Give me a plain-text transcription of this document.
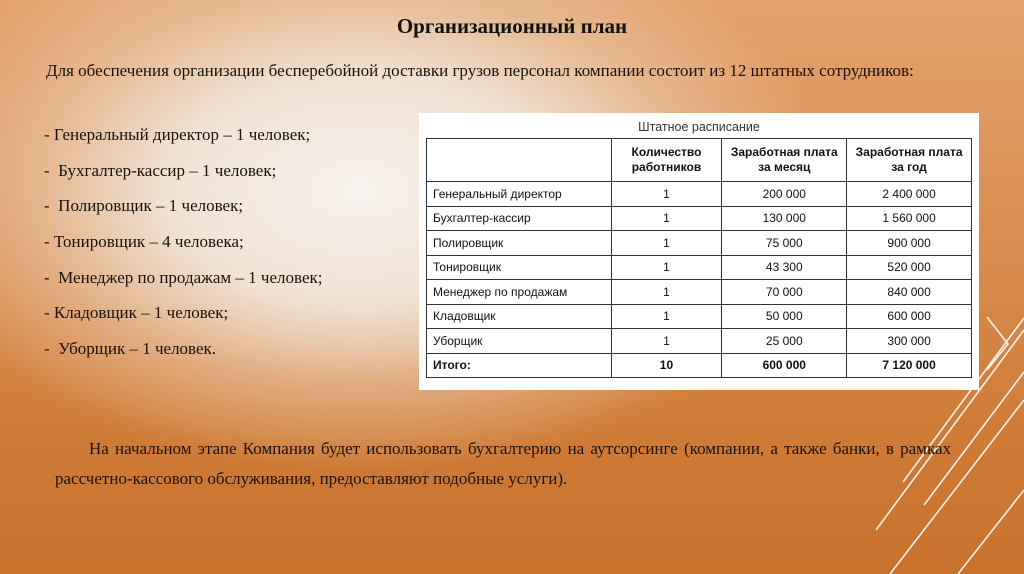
Организационный план

Для обеспечения организации бесперебойной доставки грузов персонал компании состоит из 12 штатных сотрудников:

- Генеральный директор – 1 человек;
-  Бухгалтер-кассир – 1 человек;
-  Полировщик – 1 человек;
- Тонировщик – 4 человека;
-  Менеджер по продажам – 1 человек;
- Кладовщик – 1 человек;
-  Уборщик – 1 человек.
Штатное расписание
	Количество работников	Заработная плата за месяц	Заработная плата за год
Генеральный директор	1	200 000	2 400 000
Бухгалтер-кассир	1	130 000	1 560 000
Полировщик	1	75 000	900 000
Тонировщик	1	43 300	520 000
Менеджер по продажам	1	70 000	840 000
Кладовщик	1	50 000	600 000
Уборщик	1	25 000	300 000
Итого:	10	600 000	7 120 000

На начальном этапе Компания будет использовать бухгалтерию на аутсорсинге (компании, а также банки, в рамках рассчетно-кассового обслуживания, предоставляют подобные услуги).
